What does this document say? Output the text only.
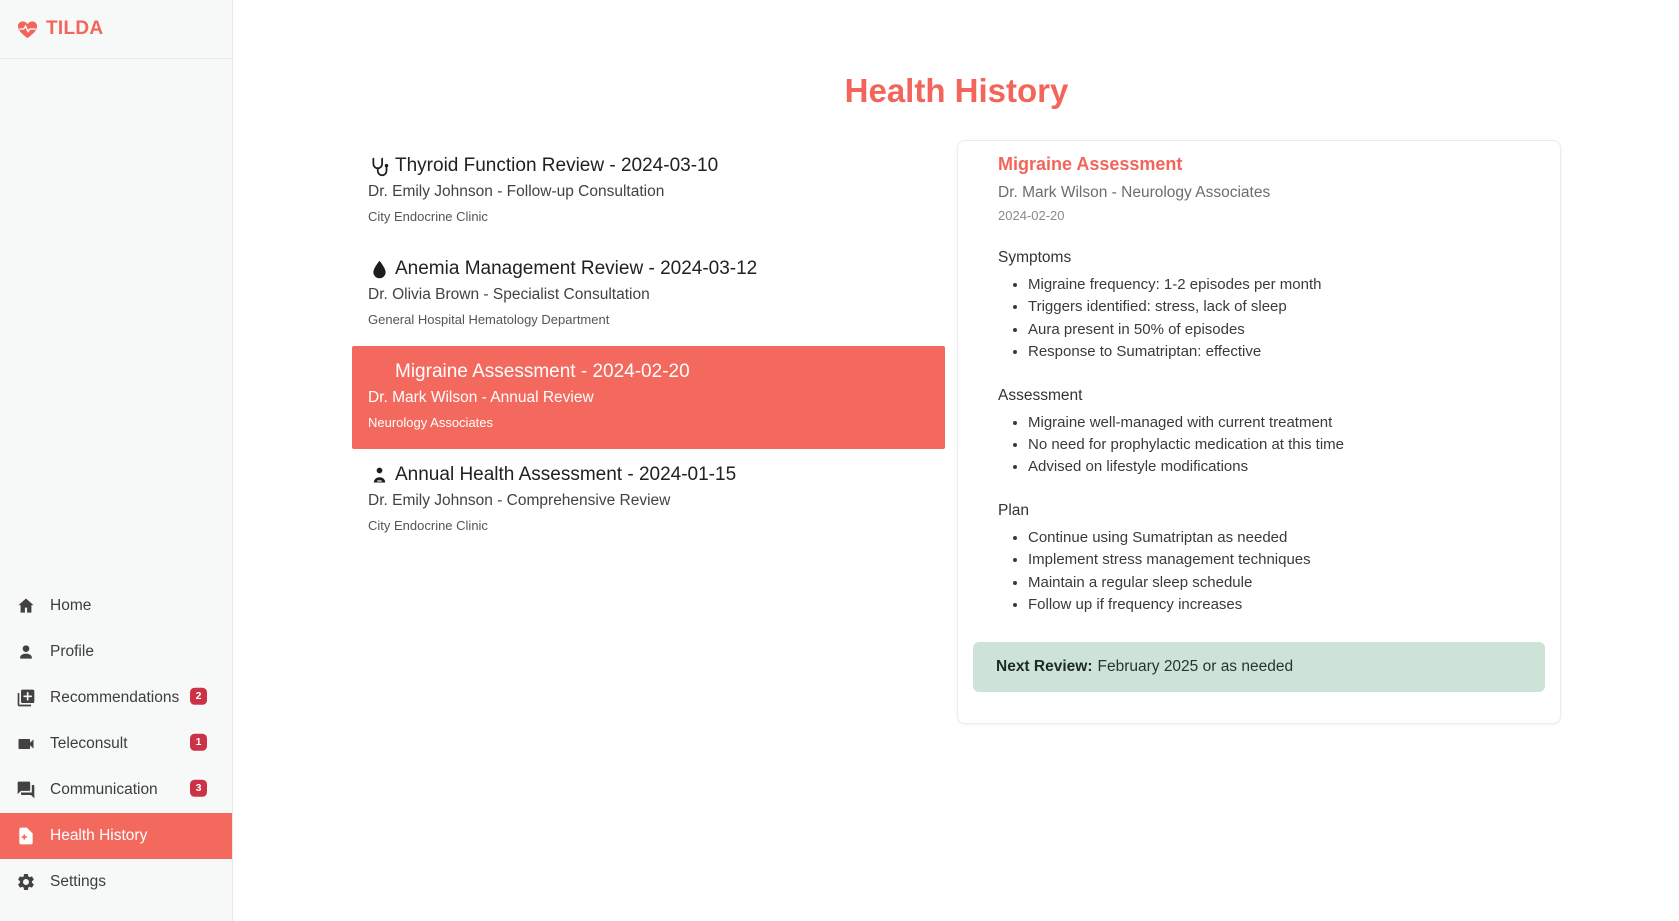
TILDA
Home
Profile
Recommendations	2
Teleconsult	1
Communication	3
Health History
Settings
Health History
Thyroid Function Review - 2024-03-10
Dr. Emily Johnson - Follow-up Consultation
City Endocrine Clinic
Anemia Management Review - 2024-03-12
Dr. Olivia Brown - Specialist Consultation
General Hospital Hematology Department
Migraine Assessment - 2024-02-20
Dr. Mark Wilson - Annual Review
Neurology Associates
Annual Health Assessment - 2024-01-15
Dr. Emily Johnson - Comprehensive Review
City Endocrine Clinic
Migraine Assessment
Dr. Mark Wilson - Neurology Associates
2024-02-20
Symptoms
• Migraine frequency: 1-2 episodes per month
• Triggers identified: stress, lack of sleep
• Aura present in 50% of episodes
• Response to Sumatriptan: effective
Assessment
• Migraine well-managed with current treatment
• No need for prophylactic medication at this time
• Advised on lifestyle modifications
Plan
• Continue using Sumatriptan as needed
• Implement stress management techniques
• Maintain a regular sleep schedule
• Follow up if frequency increases
Next Review: February 2025 or as needed
